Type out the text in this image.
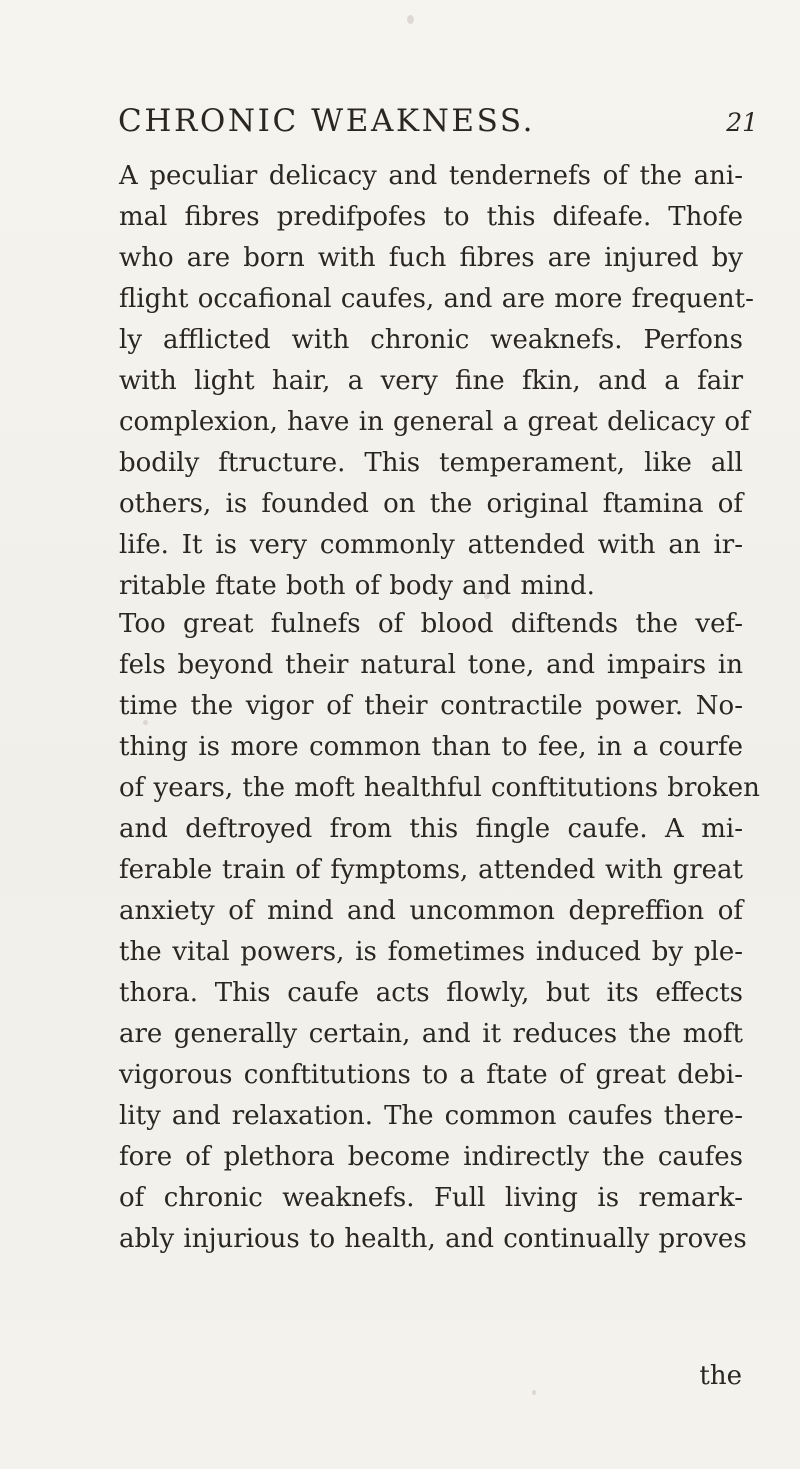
CHRONIC WEAKNESS.	21

A peculiar delicacy and tendernefs of the ani-
mal fibres predifpofes to this difeafe. Thofe
who are born with fuch fibres are injured by
flight occafional caufes, and are more frequent-
ly afflicted with chronic weaknefs. Perfons
with light hair, a very fine fkin, and a fair
complexion, have in general a great delicacy of
bodily ftructure. This temperament, like all
others, is founded on the original ftamina of
life. It is very commonly attended with an ir-
ritable ftate both of body and mind.

Too great fulnefs of blood diftends the vef-
fels beyond their natural tone, and impairs in
time the vigor of their contractile power. No-
thing is more common than to fee, in a courfe
of years, the moft healthful conftitutions broken
and deftroyed from this fingle caufe. A mi-
ferable train of fymptoms, attended with great
anxiety of mind and uncommon depreffion of
the vital powers, is fometimes induced by ple-
thora. This caufe acts flowly, but its effects
are generally certain, and it reduces the moft
vigorous conftitutions to a ftate of great debi-
lity and relaxation. The common caufes there-
fore of plethora become indirectly the caufes
of chronic weaknefs. Full living is remark-
ably injurious to health, and continually proves

the
